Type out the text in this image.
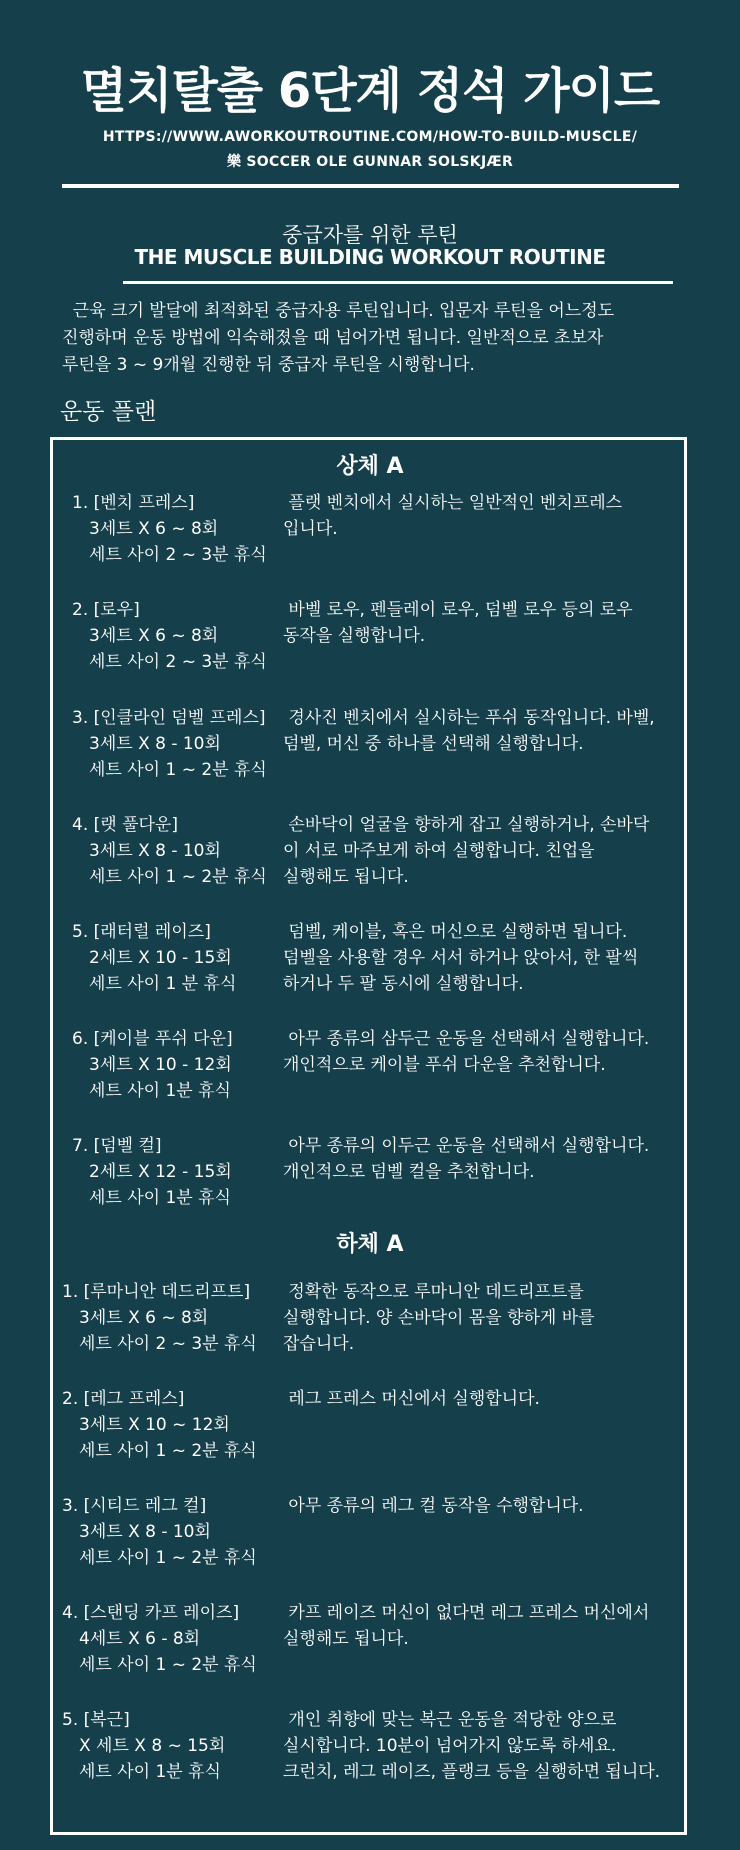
멸치탈출 6단계 정석 가이드
HTTPS://WWW.AWORKOUTROUTINE.COM/HOW-TO-BUILD-MUSCLE/
樂 SOCCER OLE GUNNAR SOLSKJÆR
중급자를 위한 루틴
THE MUSCLE BUILDING WORKOUT ROUTINE
근육 크기 발달에 최적화된 중급자용 루틴입니다. 입문자 루틴을 어느정도
진행하며 운동 방법에 익숙해졌을 때 넘어가면 됩니다. 일반적으로 초보자
루틴을 3 ~ 9개월 진행한 뒤 중급자 루틴을 시행합니다.
운동 플랜
상체 A
1. [벤치 프레스]
3세트 X 6 ~ 8회
세트 사이 2 ~ 3분 휴식
플랫 벤치에서 실시하는 일반적인 벤치프레스
입니다.
2. [로우]
3세트 X 6 ~ 8회
세트 사이 2 ~ 3분 휴식
바벨 로우, 펜들레이 로우, 덤벨 로우 등의 로우
동작을 실행합니다.
3. [인클라인 덤벨 프레스]
3세트 X 8 - 10회
세트 사이 1 ~ 2분 휴식
경사진 벤치에서 실시하는 푸쉬 동작입니다. 바벨,
덤벨, 머신 중 하나를 선택해 실행합니다.
4. [랫 풀다운]
3세트 X 8 - 10회
세트 사이 1 ~ 2분 휴식
손바닥이 얼굴을 향하게 잡고 실행하거나, 손바닥
이 서로 마주보게 하여 실행합니다. 친업을
실행해도 됩니다.
5. [래터럴 레이즈]
2세트 X 10 - 15회
세트 사이 1 분 휴식
덤벨, 케이블, 혹은 머신으로 실행하면 됩니다.
덤벨을 사용할 경우 서서 하거나 앉아서, 한 팔씩
하거나 두 팔 동시에 실행합니다.
6. [케이블 푸쉬 다운]
3세트 X 10 - 12회
세트 사이 1분 휴식
아무 종류의 삼두근 운동을 선택해서 실행합니다.
개인적으로 케이블 푸쉬 다운을 추천합니다.
7. [덤벨 컬]
2세트 X 12 - 15회
세트 사이 1분 휴식
아무 종류의 이두근 운동을 선택해서 실행합니다.
개인적으로 덤벨 컬을 추천합니다.
하체 A
1. [루마니안 데드리프트]
3세트 X 6 ~ 8회
세트 사이 2 ~ 3분 휴식
정확한 동작으로 루마니안 데드리프트를
실행합니다. 양 손바닥이 몸을 향하게 바를
잡습니다.
2. [레그 프레스]
3세트 X 10 ~ 12회
세트 사이 1 ~ 2분 휴식
레그 프레스 머신에서 실행합니다.
3. [시티드 레그 컬]
3세트 X 8 - 10회
세트 사이 1 ~ 2분 휴식
아무 종류의 레그 컬 동작을 수행합니다.
4. [스탠딩 카프 레이즈]
4세트 X 6 - 8회
세트 사이 1 ~ 2분 휴식
카프 레이즈 머신이 없다면 레그 프레스 머신에서
실행해도 됩니다.
5. [복근]
X 세트 X 8 ~ 15회
세트 사이 1분 휴식
개인 취향에 맞는 복근 운동을 적당한 양으로
실시합니다. 10분이 넘어가지 않도록 하세요.
크런치, 레그 레이즈, 플랭크 등을 실행하면 됩니다.
